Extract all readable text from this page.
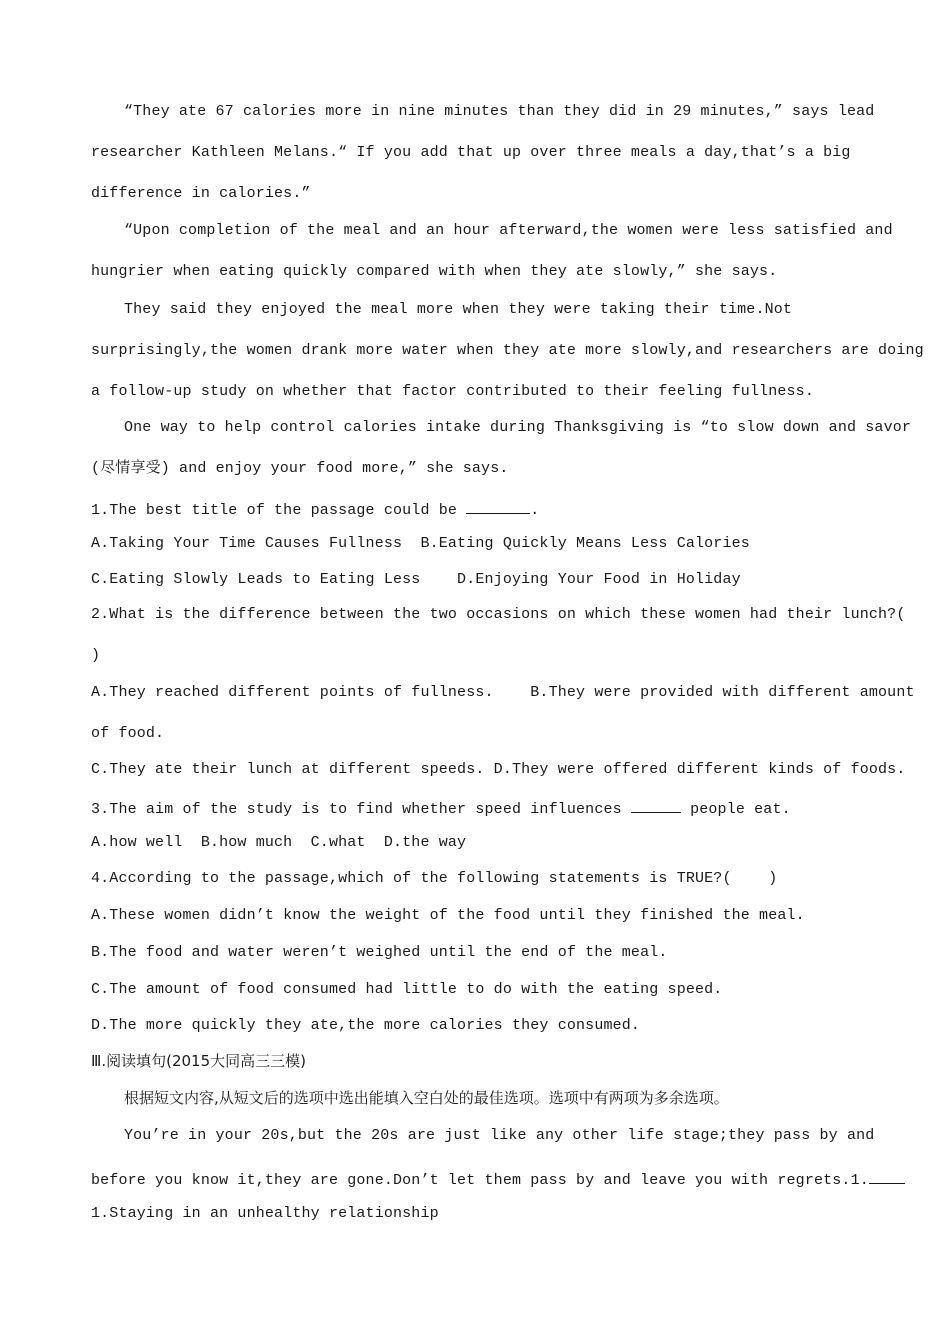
“They ate 67 calories more in nine minutes than they did in 29 minutes,” says lead
researcher Kathleen Melans.“ If you add that up over three meals a day,that’s a big
difference in calories.”
“Upon completion of the meal and an hour afterward,the women were less satisfied and
hungrier when eating quickly compared with when they ate slowly,” she says.
They said they enjoyed the meal more when they were taking their time.Not
surprisingly,the women drank more water when they ate more slowly,and researchers are doing
a follow-up study on whether that factor contributed to their feeling fullness.
One way to help control calories intake during Thanksgiving is “to slow down and savor
(尽情享受) and enjoy your food more,” she says.
1.The best title of the passage could be	.
A.Taking Your Time Causes Fullness  B.Eating Quickly Means Less Calories
C.Eating Slowly Leads to Eating Less    D.Enjoying Your Food in Holiday
2.What is the difference between the two occasions on which these women had their lunch?(
)
A.They reached different points of fullness.    B.They were provided with different amount
of food.
C.They ate their lunch at different speeds. D.They were offered different kinds of foods.
3.The aim of the study is to find whether speed influences	people eat.
A.how well  B.how much  C.what  D.the way
4.According to the passage,which of the following statements is TRUE?(    )
A.These women didn’t know the weight of the food until they finished the meal.
B.The food and water weren’t weighed until the end of the meal.
C.The amount of food consumed had little to do with the eating speed.
D.The more quickly they ate,the more calories they consumed.
Ⅲ.阅读填句(2015大同高三三模)
根据短文内容,从短文后的选项中选出能填入空白处的最佳选项。选项中有两项为多余选项。
You’re in your 20s,but the 20s are just like any other life stage;they pass by and
before you know it,they are gone.Don’t let them pass by and leave you with regrets.1.
1.Staying in an unhealthy relationship
